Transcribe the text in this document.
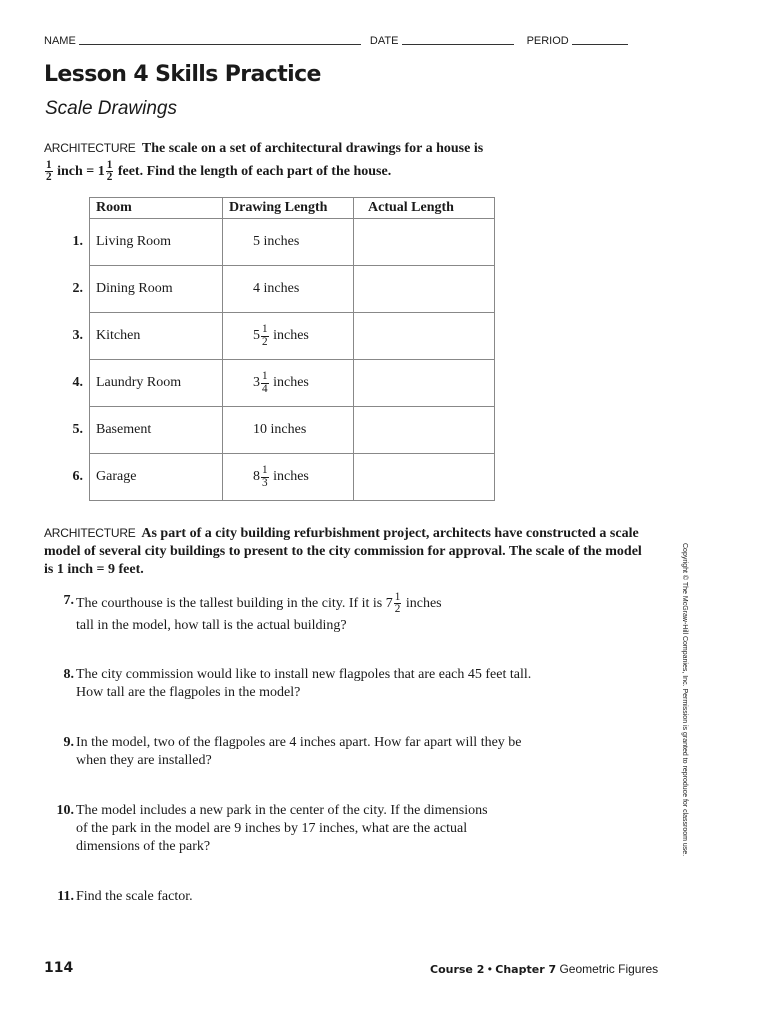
NAME	DATE	PERIOD
Lesson 4 Skills Practice
Scale Drawings
ARCHITECTURE The scale on a set of architectural drawings for a house is
$\frac{1}{2}$ inch = $1 \frac{1}{2}$ feet. Find the length of each part of the house.
	Room	Drawing Length	Actual Length
1.	Living Room	5 inches	
2.	Dining Room	4 inches	
3.	Kitchen	$5 \frac{1}{2}$ inches	
4.	Laundry Room	$3 \frac{1}{4}$ inches	
5.	Basement	10 inches	
6.	Garage	$8 \frac{1}{3}$ inches	
ARCHITECTURE As part of a city building refurbishment project, architects have constructed a scale model of several city buildings to present to the city commission for approval. The scale of the model is 1 inch = 9 feet.
7. The courthouse is the tallest building in the city. If it is $7 \frac{1}{2}$ inches
tall in the model, how tall is the actual building?
8. The city commission would like to install new flagpoles that are each 45 feet tall. How tall are the flagpoles in the model?
9. In the model, two of the flagpoles are 4 inches apart. How far apart will they be when they are installed?
10. The model includes a new park in the center of the city. If the dimensions of the park in the model are 9 inches by 17 inches, what are the actual dimensions of the park?
11. Find the scale factor.
Copyright © The McGraw-Hill Companies, Inc. Permission is granted to reproduce for classroom use.
114	Course 2 • Chapter 7 Geometric Figures
